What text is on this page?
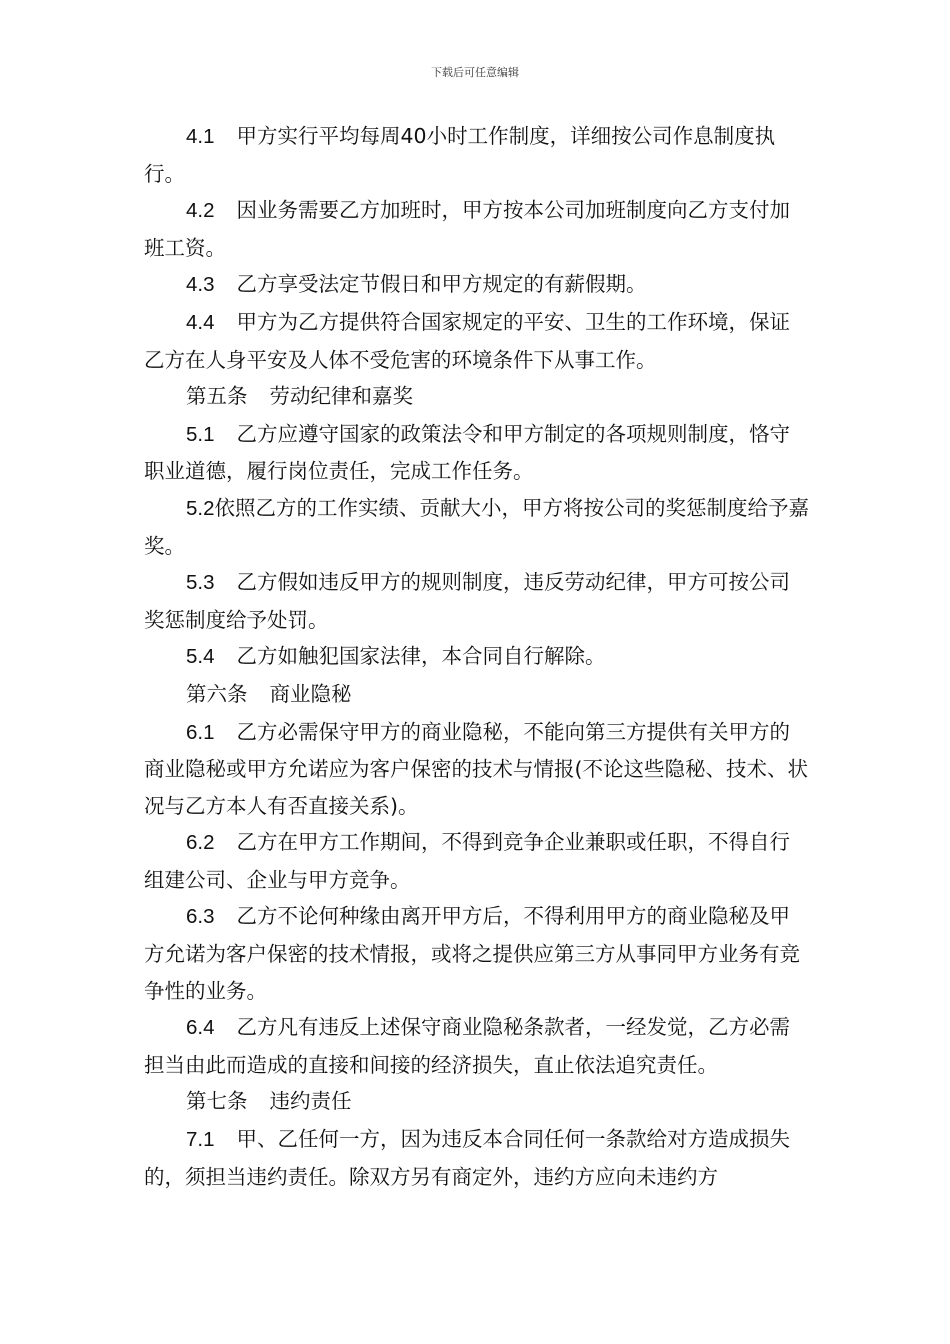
下载后可任意编辑

4.1 甲方实行平均每周40小时工作制度，详细按公司作息制度执行。

4.2 因业务需要乙方加班时，甲方按本公司加班制度向乙方支付加班工资。

4.3 乙方享受法定节假日和甲方规定的有薪假期。

4.4 甲方为乙方提供符合国家规定的平安、卫生的工作环境，保证乙方在人身平安及人体不受危害的环境条件下从事工作。

第五条 劳动纪律和嘉奖

5.1 乙方应遵守国家的政策法令和甲方制定的各项规则制度，恪守职业道德，履行岗位责任，完成工作任务。

5.2依照乙方的工作实绩、贡献大小，甲方将按公司的奖惩制度给予嘉奖。

5.3 乙方假如违反甲方的规则制度，违反劳动纪律，甲方可按公司奖惩制度给予处罚。

5.4 乙方如触犯国家法律，本合同自行解除。

第六条 商业隐秘

6.1 乙方必需保守甲方的商业隐秘，不能向第三方提供有关甲方的商业隐秘或甲方允诺应为客户保密的技术与情报(不论这些隐秘、技术、状况与乙方本人有否直接关系)。

6.2 乙方在甲方工作期间，不得到竞争企业兼职或任职，不得自行组建公司、企业与甲方竞争。

6.3 乙方不论何种缘由离开甲方后，不得利用甲方的商业隐秘及甲方允诺为客户保密的技术情报，或将之提供应第三方从事同甲方业务有竞争性的业务。

6.4 乙方凡有违反上述保守商业隐秘条款者，一经发觉，乙方必需担当由此而造成的直接和间接的经济损失，直止依法追究责任。

第七条 违约责任

7.1 甲、乙任何一方，因为违反本合同任何一条款给对方造成损失的，须担当违约责任。除双方另有商定外，违约方应向未违约方
